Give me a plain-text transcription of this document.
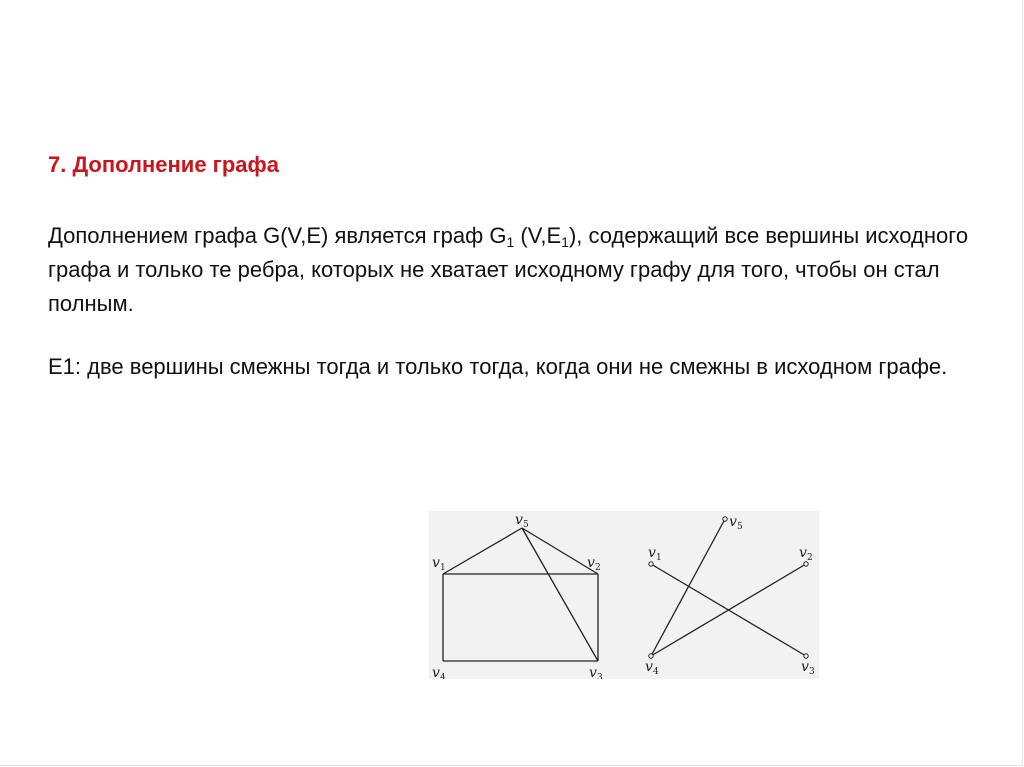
7. Дополнение графа
Дополнением графа G(V,E) является граф $G_1$ $(V,E_1)$, содержащий все вершины исходного графа и только те ребра, которых не хватает исходному графу для того, чтобы он стал полным.
E1: две вершины смежны тогда и только тогда, когда они не смежны в исходном графе.
v 1	v 2
v 3
v 4
v 5
v 1	v 2
v 3
v 4
v 5
